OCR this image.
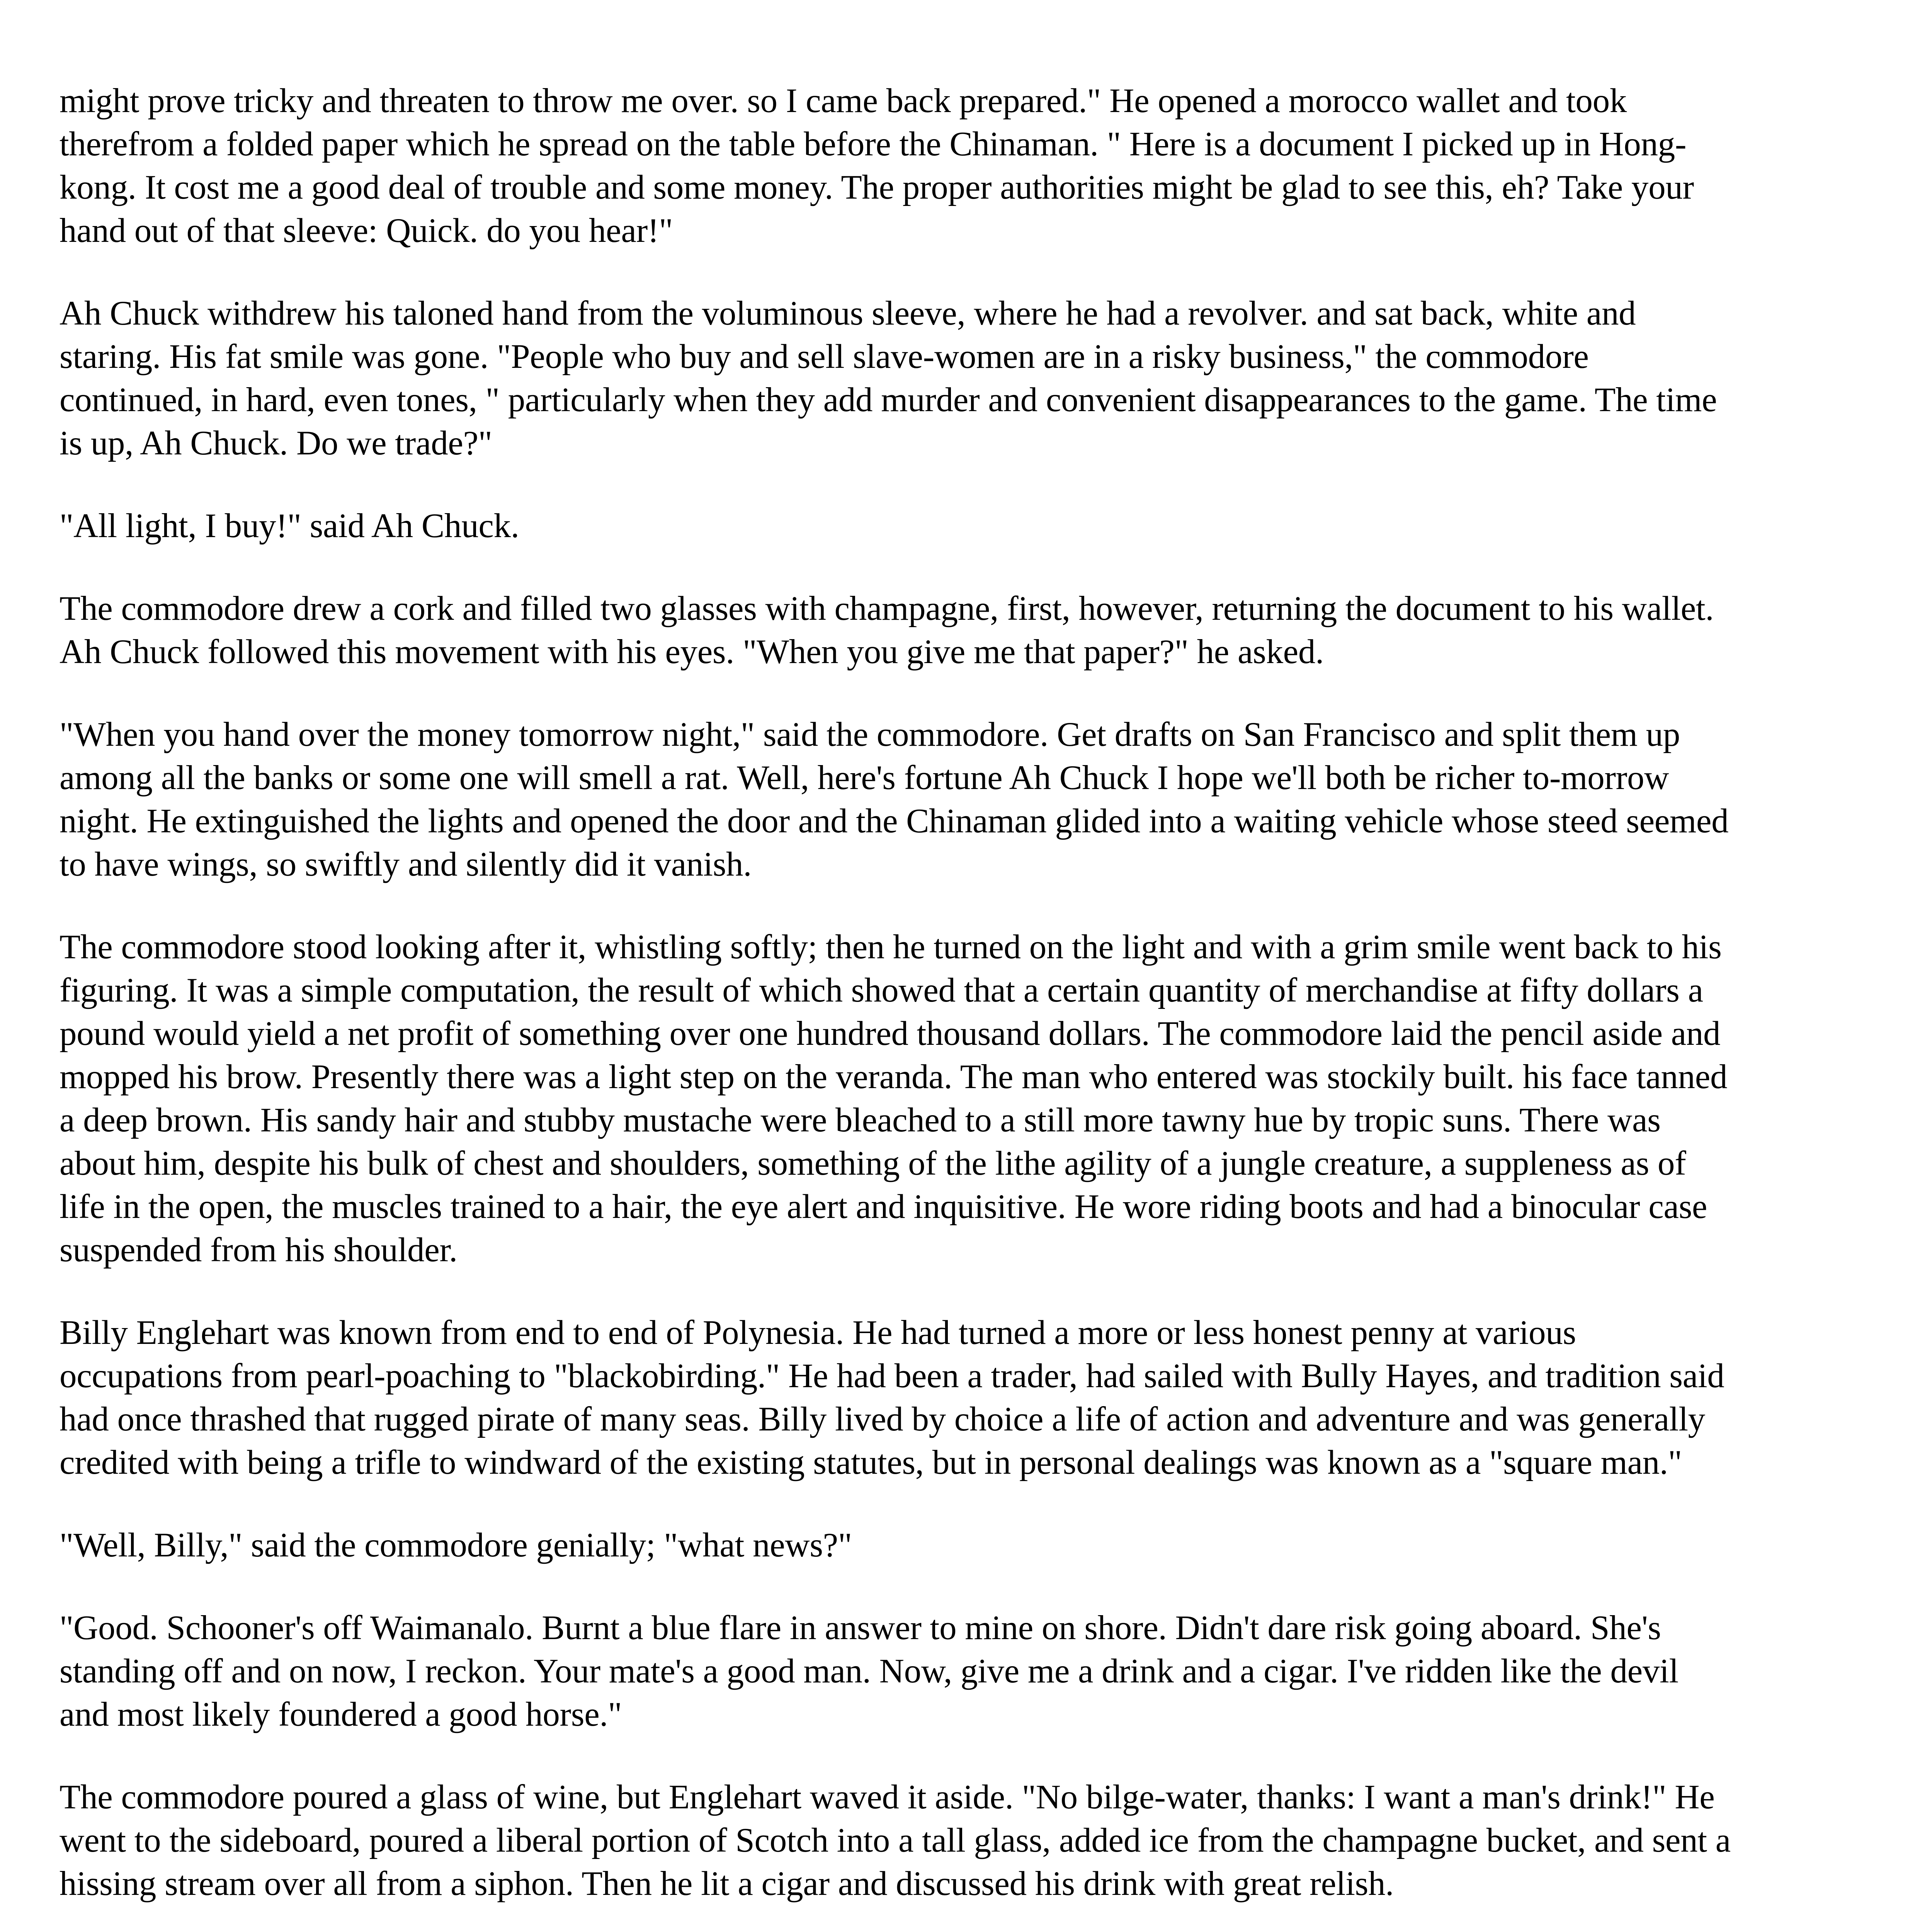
might prove tricky and threaten to throw me over. so I came back prepared." He opened a morocco wallet and took therefrom a folded paper which he spread on the table before the Chinaman. " Here is a document I picked up in Hong-kong. It cost me a good deal of trouble and some money. The proper authorities might be glad to see this, eh? Take your hand out of that sleeve: Quick. do you hear!"

Ah Chuck withdrew his taloned hand from the voluminous sleeve, where he had a revolver. and sat back, white and staring. His fat smile was gone. "People who buy and sell slave-women are in a risky business," the commodore continued, in hard, even tones, " particularly when they add murder and convenient disappearances to the game. The time is up, Ah Chuck. Do we trade?"

"All light, I buy!" said Ah Chuck.

The commodore drew a cork and filled two glasses with champagne, first, however, returning the document to his wallet. Ah Chuck followed this movement with his eyes. "When you give me that paper?" he asked.

"When you hand over the money tomorrow night," said the commodore. Get drafts on San Francisco and split them up among all the banks or some one will smell a rat. Well, here's fortune Ah Chuck I hope we'll both be richer to-morrow night. He extinguished the lights and opened the door and the Chinaman glided into a waiting vehicle whose steed seemed to have wings, so swiftly and silently did it vanish.

The commodore stood looking after it, whistling softly; then he turned on the light and with a grim smile went back to his figuring. It was a simple computation, the result of which showed that a certain quantity of merchandise at fifty dollars a pound would yield a net profit of something over one hundred thousand dollars. The commodore laid the pencil aside and mopped his brow. Presently there was a light step on the veranda. The man who entered was stockily built. his face tanned a deep brown. His sandy hair and stubby mustache were bleached to a still more tawny hue by tropic suns. There was about him, despite his bulk of chest and shoulders, something of the lithe agility of a jungle creature, a suppleness as of life in the open, the muscles trained to a hair, the eye alert and inquisitive. He wore riding boots and had a binocular case suspended from his shoulder.

Billy Englehart was known from end to end of Polynesia. He had turned a more or less honest penny at various occupations from pearl-poaching to "blackobirding." He had been a trader, had sailed with Bully Hayes, and tradition said had once thrashed that rugged pirate of many seas. Billy lived by choice a life of action and adventure and was generally credited with being a trifle to windward of the existing statutes, but in personal dealings was known as a "square man."

"Well, Billy," said the commodore genially; "what news?"

"Good. Schooner's off Waimanalo. Burnt a blue flare in answer to mine on shore. Didn't dare risk going aboard. She's standing off and on now, I reckon. Your mate's a good man. Now, give me a drink and a cigar. I've ridden like the devil and most likely foundered a good horse."

The commodore poured a glass of wine, but Englehart waved it aside. "No bilge-water, thanks: I want a man's drink!" He went to the sideboard, poured a liberal portion of Scotch into a tall glass, added ice from the champagne bucket, and sent a hissing stream over all from a siphon. Then he lit a cigar and discussed his drink with great relish.
